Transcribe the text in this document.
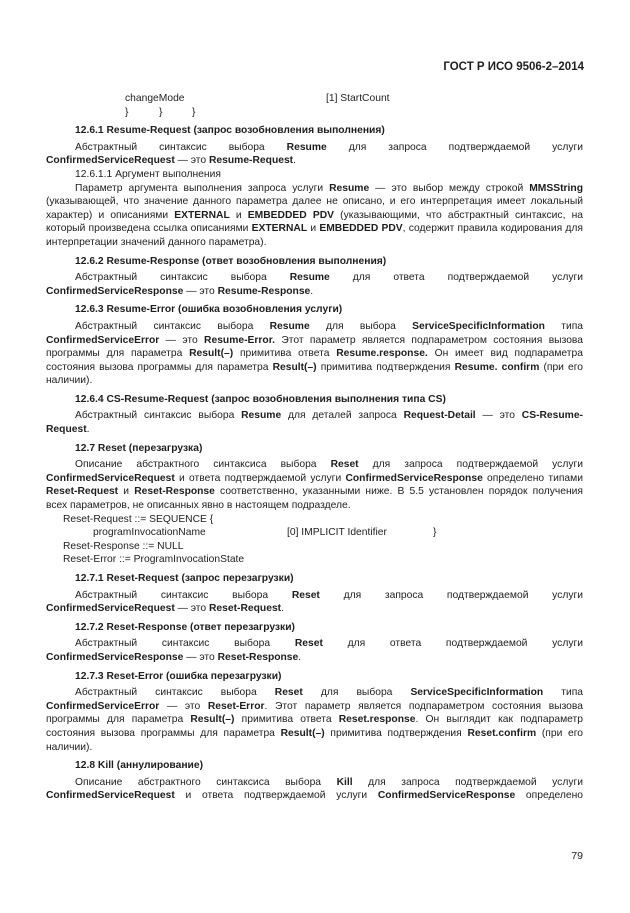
ГОСТ Р ИСО 9506-2–2014
changeMode	[1] StartCount
}	}	}

12.6.1 Resume-Request (запрос возобновления выполнения)

Абстрактный синтаксис выбора Resume для запроса подтверждаемой услуги

ConfirmedServiceRequest — это Resume-Request.

12.6.1.1 Аргумент выполнения

Параметр аргумента выполнения запроса услуги Resume — это выбор между строкой MMSString (указывающей, что значение данного параметра далее не описано, и его интерпретация имеет локальный характер) и описаниями EXTERNAL и EMBEDDED PDV (указывающими, что абстрактный синтаксис, на который произведена ссылка описаниями EXTERNAL и EMBEDDED PDV, содержит правила кодирования для интерпретации значений данного параметра).

12.6.2 Resume-Response (ответ возобновления выполнения)

Абстрактный синтаксис выбора Resume для ответа подтверждаемой услуги

ConfirmedServiceResponse — это Resume-Response.

12.6.3 Resume-Error (ошибка возобновления услуги)

Абстрактный синтаксис выбора Resume для выбора ServiceSpecificInformation типа ConfirmedServiceError — это Resume-Error. Этот параметр является подпараметром состояния вызова программы для параметра Result(–) примитива ответа Resume.response. Он имеет вид подпараметра состояния вызова программы для параметра Result(–) примитива подтверждения Resume. confirm (при его наличии).

12.6.4 CS-Resume-Request (запрос возобновления выполнения типа CS)

Абстрактный синтаксис выбора Resume для деталей запроса Request-Detail — это CS-Resume-Request.

12.7 Reset (перезагрузка)

Описание абстрактного синтаксиса выбора Reset для запроса подтверждаемой услуги ConfirmedServiceRequest и ответа подтверждаемой услуги ConfirmedServiceResponse определено типами Reset-Request и Reset-Response соответственно, указанными ниже. В 5.5 установлен порядок получения всех параметров, не описанных явно в настоящем подразделе.

Reset-Request ::= SEQUENCE {
programInvocationName	[0] IMPLICIT Identifier	}
Reset-Response ::= NULL
Reset-Error ::= ProgramInvocationState

12.7.1 Reset-Request (запрос перезагрузки)

Абстрактный синтаксис выбора Reset для запроса подтверждаемой услуги

ConfirmedServiceRequest — это Reset-Request.

12.7.2 Reset-Response (ответ перезагрузки)

Абстрактный синтаксис выбора Reset для ответа подтверждаемой услуги

ConfirmedServiceResponse — это Reset-Response.

12.7.3 Reset-Error (ошибка перезагрузки)

Абстрактный синтаксис выбора Reset для выбора ServiceSpecificInformation типа ConfirmedServiceError — это Reset-Error. Этот параметр является подпараметром состояния вызова программы для параметра Result(–) примитива ответа Reset.response. Он выглядит как подпараметр состояния вызова программы для параметра Result(–) примитива подтверждения Reset.confirm (при его наличии).

12.8 Kill (аннулирование)

Описание абстрактного синтаксиса выбора Kill для запроса подтверждаемой услуги ConfirmedServiceRequest и ответа подтверждаемой услуги ConfirmedServiceResponse определено

79
